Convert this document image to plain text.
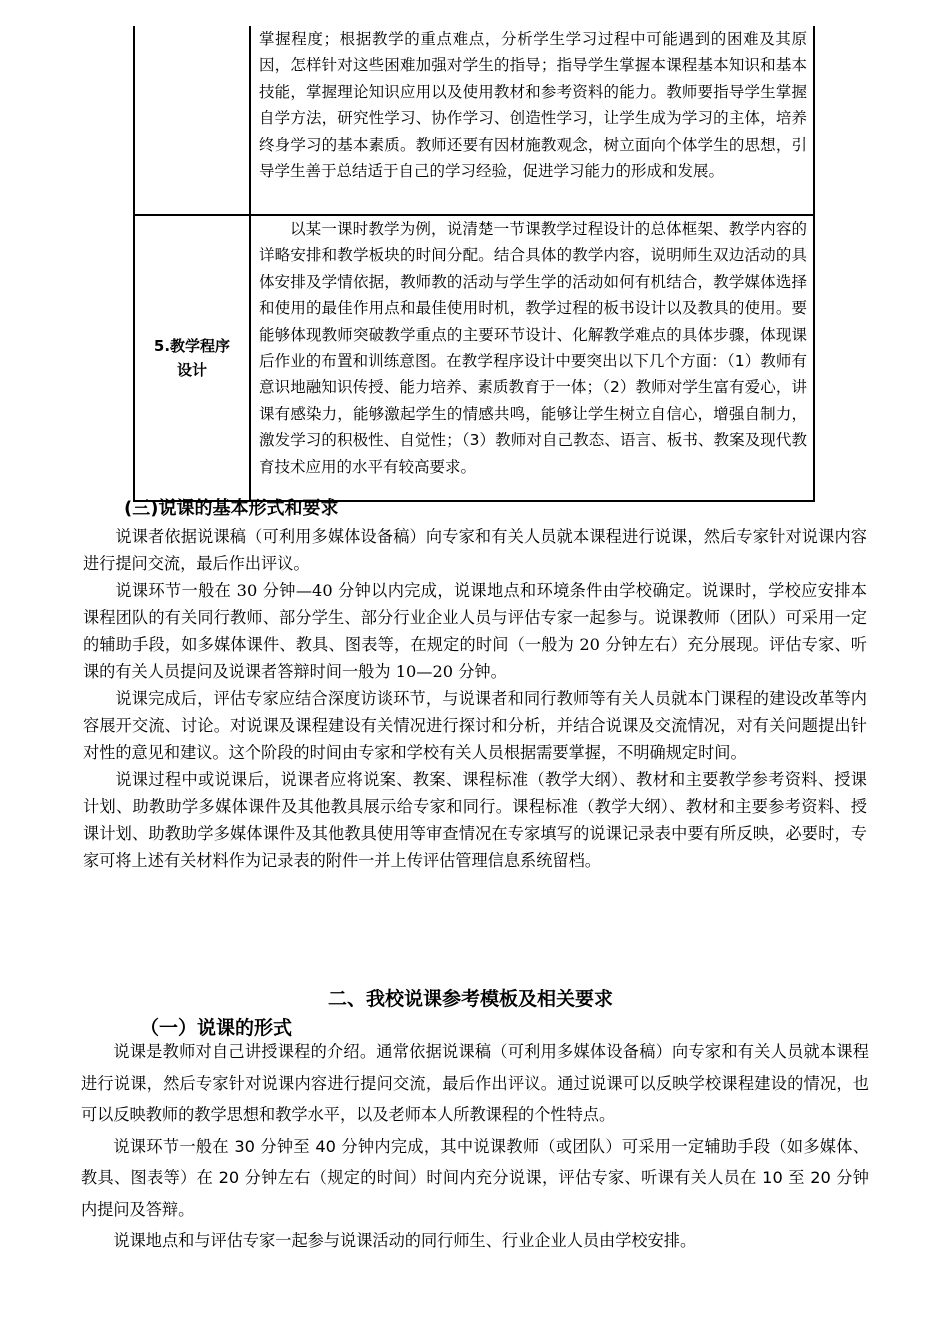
	掌握程度；根据教学的重点难点，分析学生学习过程中可能遇到的困难及其原因，怎样针对这些困难加强对学生的指导；指导学生掌握本课程基本知识和基本技能，掌握理论知识应用以及使用教材和参考资料的能力。教师要指导学生掌握自学方法，研究性学习、协作学习、创造性学习，让学生成为学习的主体，培养终身学习的基本素质。教师还要有因材施教观念，树立面向个体学生的思想，引导学生善于总结适于自己的学习经验，促进学习能力的形成和发展。

5.教学程序
设计	以某一课时教学为例，说清楚一节课教学过程设计的总体框架、教学内容的详略安排和教学板块的时间分配。结合具体的教学内容，说明师生双边活动的具体安排及学情依据，教师教的活动与学生学的活动如何有机结合，教学媒体选择和使用的最佳作用点和最佳使用时机，教学过程的板书设计以及教具的使用。要能够体现教师突破教学重点的主要环节设计、化解教学难点的具体步骤，体现课后作业的布置和训练意图。在教学程序设计中要突出以下几个方面：（1）教师有意识地融知识传授、能力培养、素质教育于一体；（2）教师对学生富有爱心，讲课有感染力，能够激起学生的情感共鸣，能够让学生树立自信心，增强自制力，激发学习的积极性、自觉性；（3）教师对自己教态、语言、板书、教案及现代教育技术应用的水平有较高要求。
(三)说课的基本形式和要求

说课者依据说课稿（可利用多媒体设备稿）向专家和有关人员就本课程进行说课，然后专家针对说课内容进行提问交流，最后作出评议。

说课环节一般在 30 分钟—40 分钟以内完成，说课地点和环境条件由学校确定。说课时，学校应安排本课程团队的有关同行教师、部分学生、部分行业企业人员与评估专家一起参与。说课教师（团队）可采用一定的辅助手段，如多媒体课件、教具、图表等，在规定的时间（一般为 20 分钟左右）充分展现。评估专家、听课的有关人员提问及说课者答辩时间一般为 10—20 分钟。

说课完成后，评估专家应结合深度访谈环节，与说课者和同行教师等有关人员就本门课程的建设改革等内容展开交流、讨论。对说课及课程建设有关情况进行探讨和分析，并结合说课及交流情况，对有关问题提出针对性的意见和建议。这个阶段的时间由专家和学校有关人员根据需要掌握，不明确规定时间。

说课过程中或说课后，说课者应将说案、教案、课程标准（教学大纲）、教材和主要教学参考资料、授课计划、助教助学多媒体课件及其他教具展示给专家和同行。课程标准（教学大纲）、教材和主要参考资料、授课计划、助教助学多媒体课件及其他教具使用等审查情况在专家填写的说课记录表中要有所反映，必要时，专家可将上述有关材料作为记录表的附件一并上传评估管理信息系统留档。

二、我校说课参考模板及相关要求
（一）说课的形式

说课是教师对自己讲授课程的介绍。通常依据说课稿（可利用多媒体设备稿）向专家和有关人员就本课程进行说课，然后专家针对说课内容进行提问交流，最后作出评议。通过说课可以反映学校课程建设的情况，也可以反映教师的教学思想和教学水平，以及老师本人所教课程的个性特点。

说课环节一般在 30 分钟至 40 分钟内完成，其中说课教师（或团队）可采用一定辅助手段（如多媒体、教具、图表等）在 20 分钟左右（规定的时间）时间内充分说课，评估专家、听课有关人员在 10 至 20 分钟内提问及答辩。

说课地点和与评估专家一起参与说课活动的同行师生、行业企业人员由学校安排。
